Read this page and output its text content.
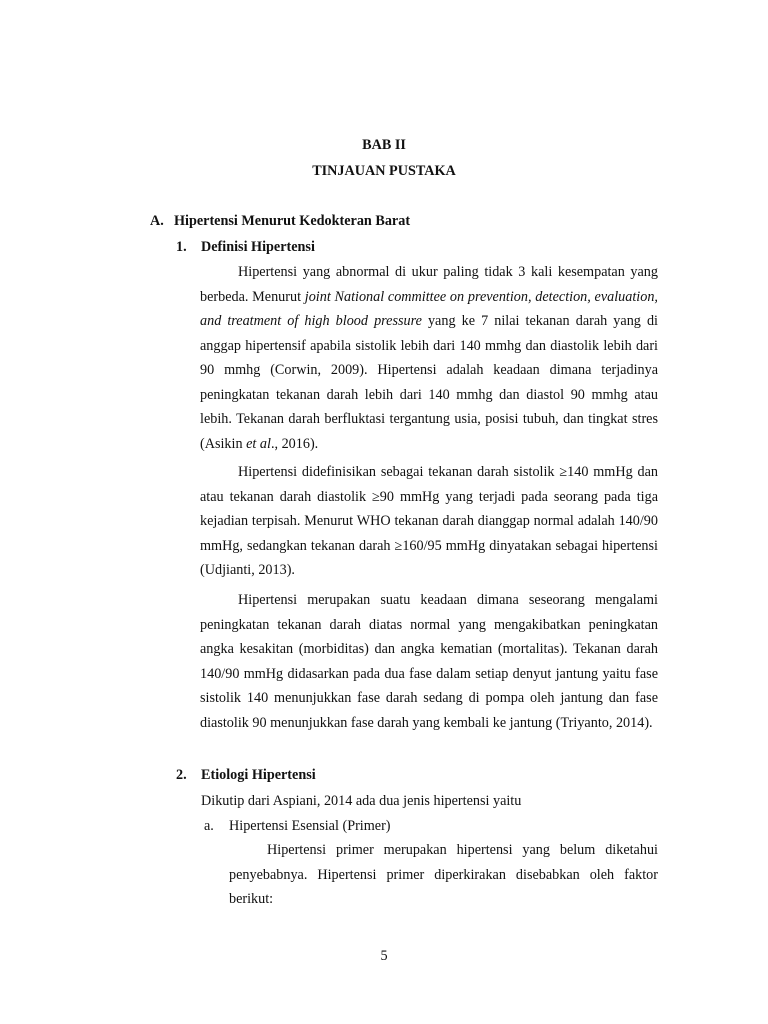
BAB II

TINJAUAN PUSTAKA

A. Hipertensi Menurut Kedokteran Barat

1. Definisi Hipertensi

Hipertensi yang abnormal di ukur paling tidak 3 kali kesempatan yang berbeda. Menurut joint National committee on prevention, detection, evaluation, and treatment of high blood pressure yang ke 7 nilai tekanan darah yang di anggap hipertensif apabila sistolik lebih dari 140 mmhg dan diastolik lebih dari 90 mmhg (Corwin, 2009). Hipertensi adalah keadaan dimana terjadinya peningkatan tekanan darah lebih dari 140 mmhg dan diastol 90 mmhg atau lebih. Tekanan darah berfluktasi tergantung usia, posisi tubuh, dan tingkat stres (Asikin et al., 2016).

Hipertensi didefinisikan sebagai tekanan darah sistolik ≥140 mmHg dan atau tekanan darah diastolik ≥90 mmHg yang terjadi pada seorang pada tiga kejadian terpisah. Menurut WHO tekanan darah dianggap normal adalah 140/90 mmHg, sedangkan tekanan darah ≥160/95 mmHg dinyatakan sebagai hipertensi (Udjianti, 2013).

Hipertensi merupakan suatu keadaan dimana seseorang mengalami peningkatan tekanan darah diatas normal yang mengakibatkan peningkatan angka kesakitan (morbiditas) dan angka kematian (mortalitas). Tekanan darah 140/90 mmHg didasarkan pada dua fase dalam setiap denyut jantung yaitu fase sistolik 140 menunjukkan fase darah sedang di pompa oleh jantung dan fase diastolik 90 menunjukkan fase darah yang kembali ke jantung (Triyanto, 2014).

2. Etiologi Hipertensi

Dikutip dari Aspiani, 2014 ada dua jenis hipertensi yaitu

a. Hipertensi Esensial (Primer)

Hipertensi primer merupakan hipertensi yang belum diketahui penyebabnya. Hipertensi primer diperkirakan disebabkan oleh faktor berikut:

5
